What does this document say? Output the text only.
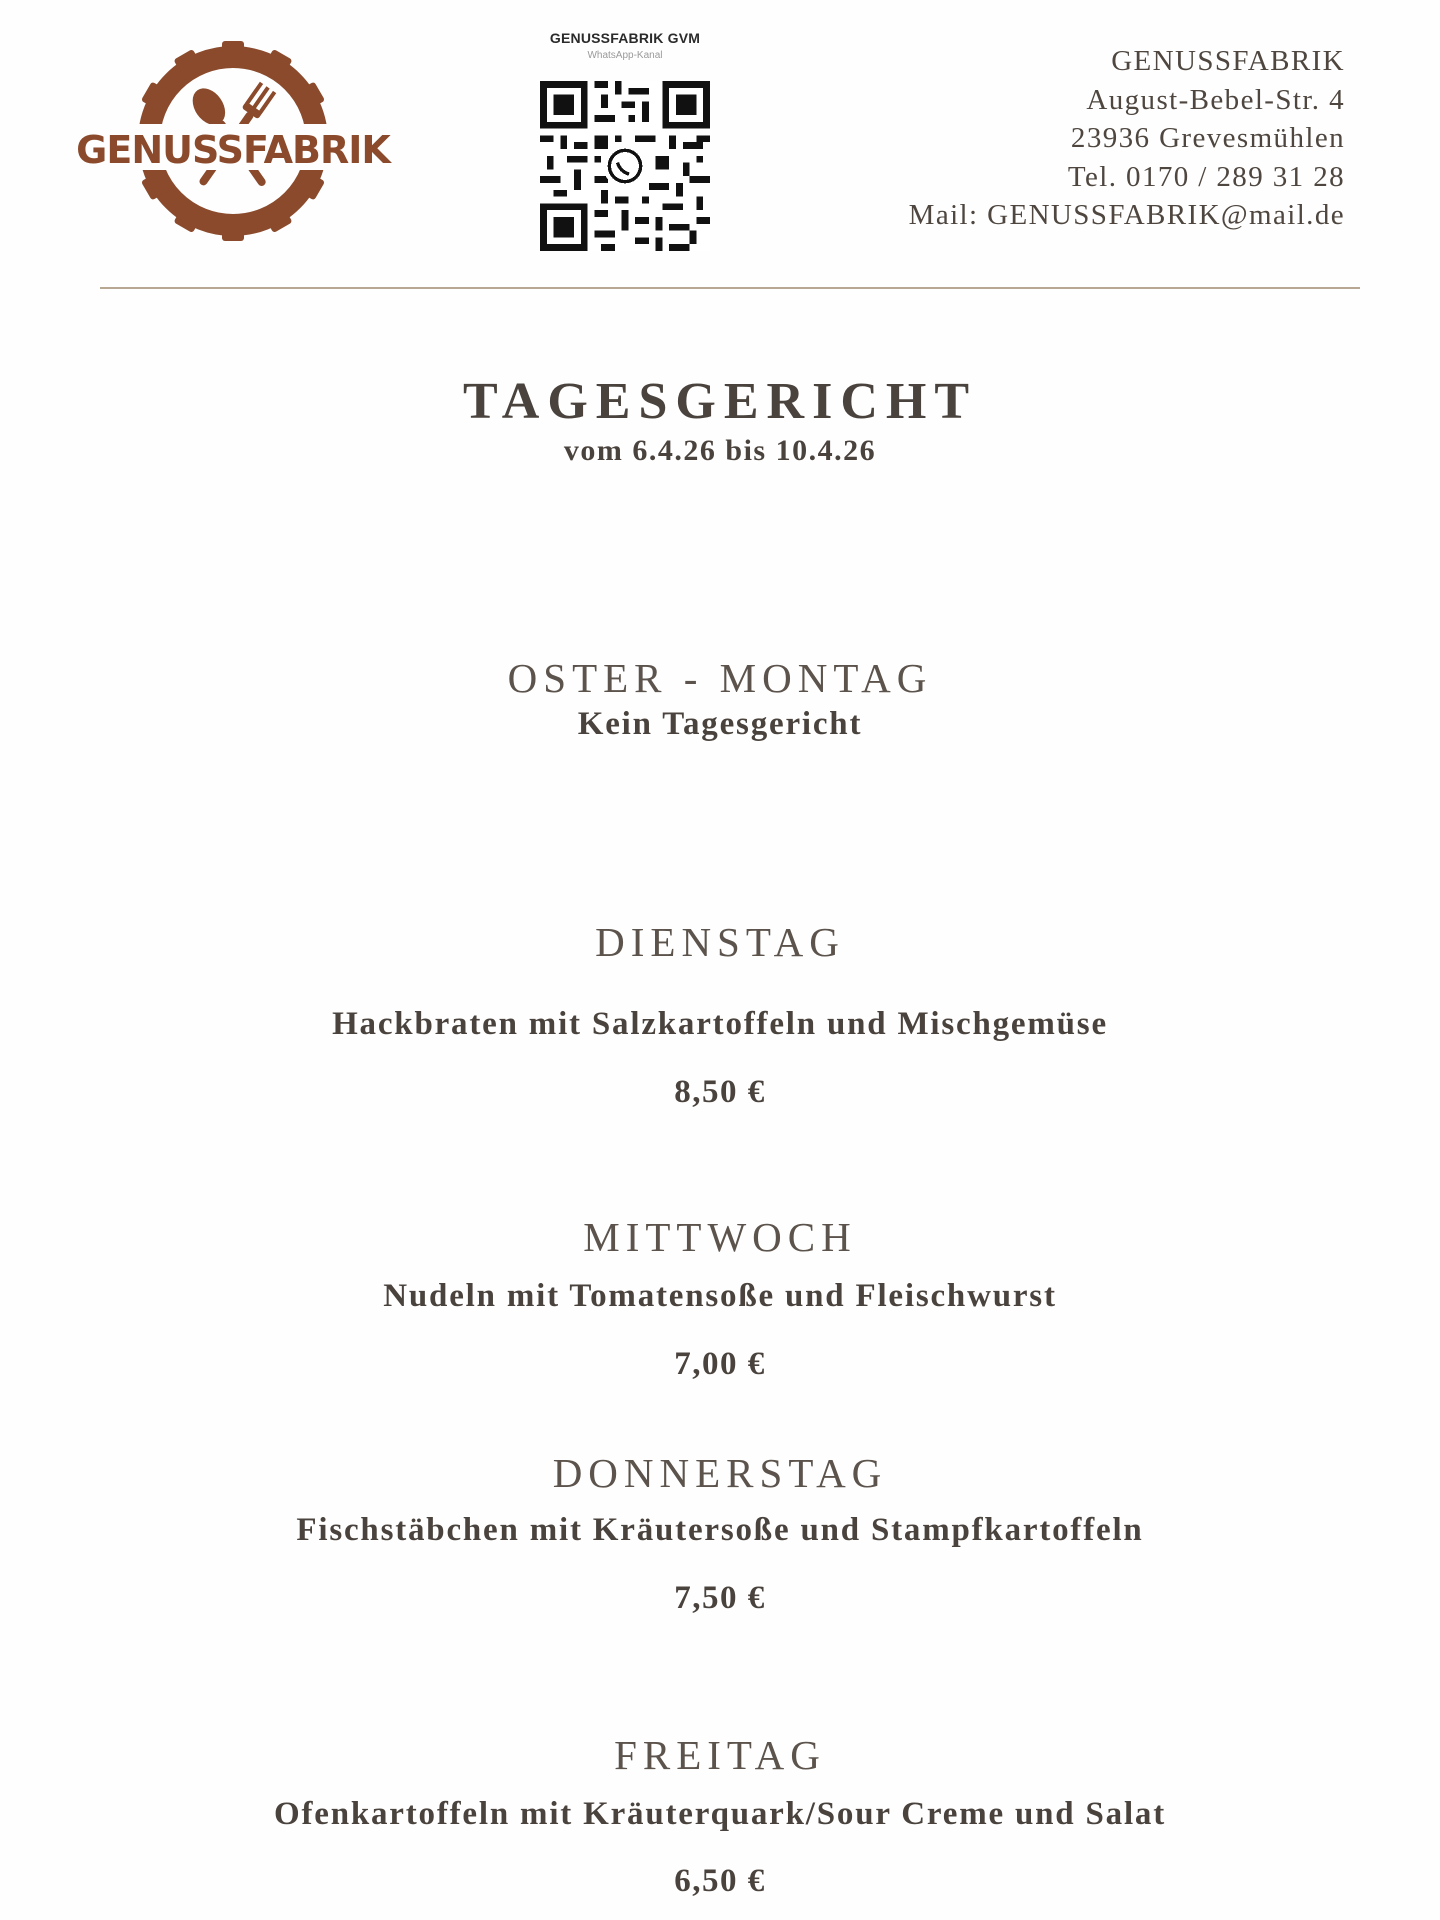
GENUSSFABRIK
GENUSSFABRIK GVM
WhatsApp-Kanal	GENUSSFABRIK
August-Bebel-Str. 4
23936 Grevesmühlen
Tel. 0170 / 289 31 28
Mail: GENUSSFABRIK@mail.de
TAGESGERICHT
vom 6.4.26 bis 10.4.26
OSTER - MONTAG
Kein Tagesgericht
DIENSTAG
Hackbraten mit Salzkartoffeln und Mischgemüse
8,50 €
MITTWOCH
Nudeln mit Tomatensoße und Fleischwurst
7,00 €
DONNERSTAG
Fischstäbchen mit Kräutersoße und Stampfkartoffeln
7,50 €
FREITAG
Ofenkartoffeln mit Kräuterquark/Sour Creme und Salat
6,50 €
